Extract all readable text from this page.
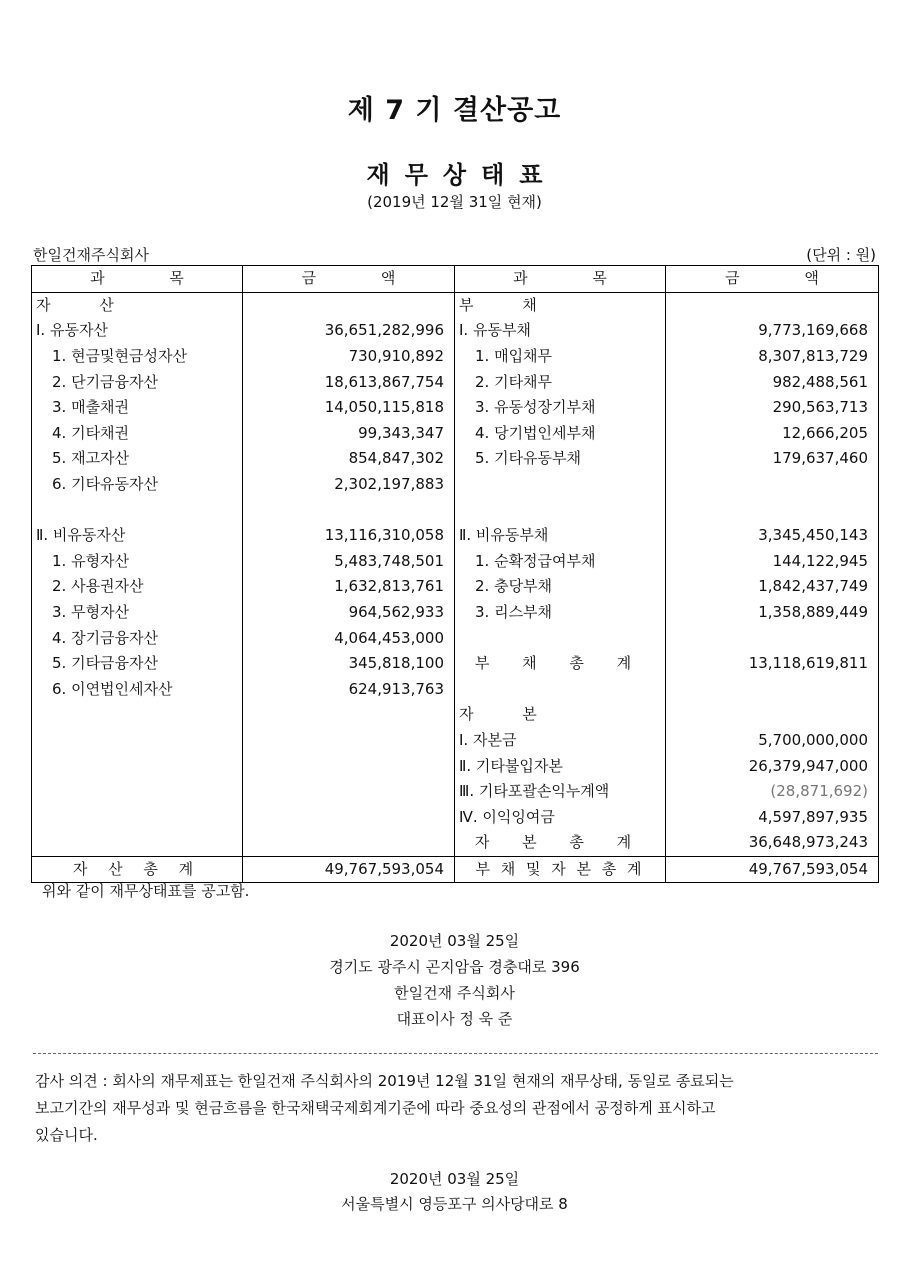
제 7 기 결산공고
재무상태표
(2019년 12월 31일 현재)
한일건재주식회사	(단위 : 원)
과 목	금 액	과 목	금 액
자 산		부 채	
Ⅰ. 유동자산	36,651,282,996	Ⅰ. 유동부채	9,773,169,668
1. 현금및현금성자산	730,910,892	1. 매입채무	8,307,813,729
2. 단기금융자산	18,613,867,754	2. 기타채무	982,488,561
3. 매출채권	14,050,115,818	3. 유동성장기부채	290,563,713
4. 기타채권	99,343,347	4. 당기법인세부채	12,666,205
5. 재고자산	854,847,302	5. 기타유동부채	179,637,460
6. 기타유동자산	2,302,197,883		

Ⅱ. 비유동자산	13,116,310,058	Ⅱ. 비유동부채	3,345,450,143
1. 유형자산	5,483,748,501	1. 순확정급여부채	144,122,945
2. 사용권자산	1,632,813,761	2. 충당부채	1,842,437,749
3. 무형자산	964,562,933	3. 리스부채	1,358,889,449
4. 장기금융자산	4,064,453,000		
5. 기타금융자산	345,818,100	부 채 총 계	13,118,619,811
6. 이연법인세자산	624,913,763		
		자 본	
		Ⅰ. 자본금	5,700,000,000
		Ⅱ. 기타불입자본	26,379,947,000
		Ⅲ. 기타포괄손익누계액	(28,871,692)
		Ⅳ. 이익잉여금	4,597,897,935
		자 본 총 계	36,648,973,243
자 산 총 계	49,767,593,054	부 채 및 자 본 총 계	49,767,593,054
위와 같이 재무상태표를 공고함.
2020년 03월 25일
경기도 광주시 곤지암읍 경충대로 396
한일건재 주식회사
대표이사 정 욱 준
감사 의견 : 회사의 재무제표는 한일건재 주식회사의 2019년 12월 31일 현재의 재무상태, 동일로 종료되는
보고기간의 재무성과 및 현금흐름을 한국채택국제회계기준에 따라 중요성의 관점에서 공정하게 표시하고
있습니다.
2020년 03월 25일
서울특별시 영등포구 의사당대로 8
